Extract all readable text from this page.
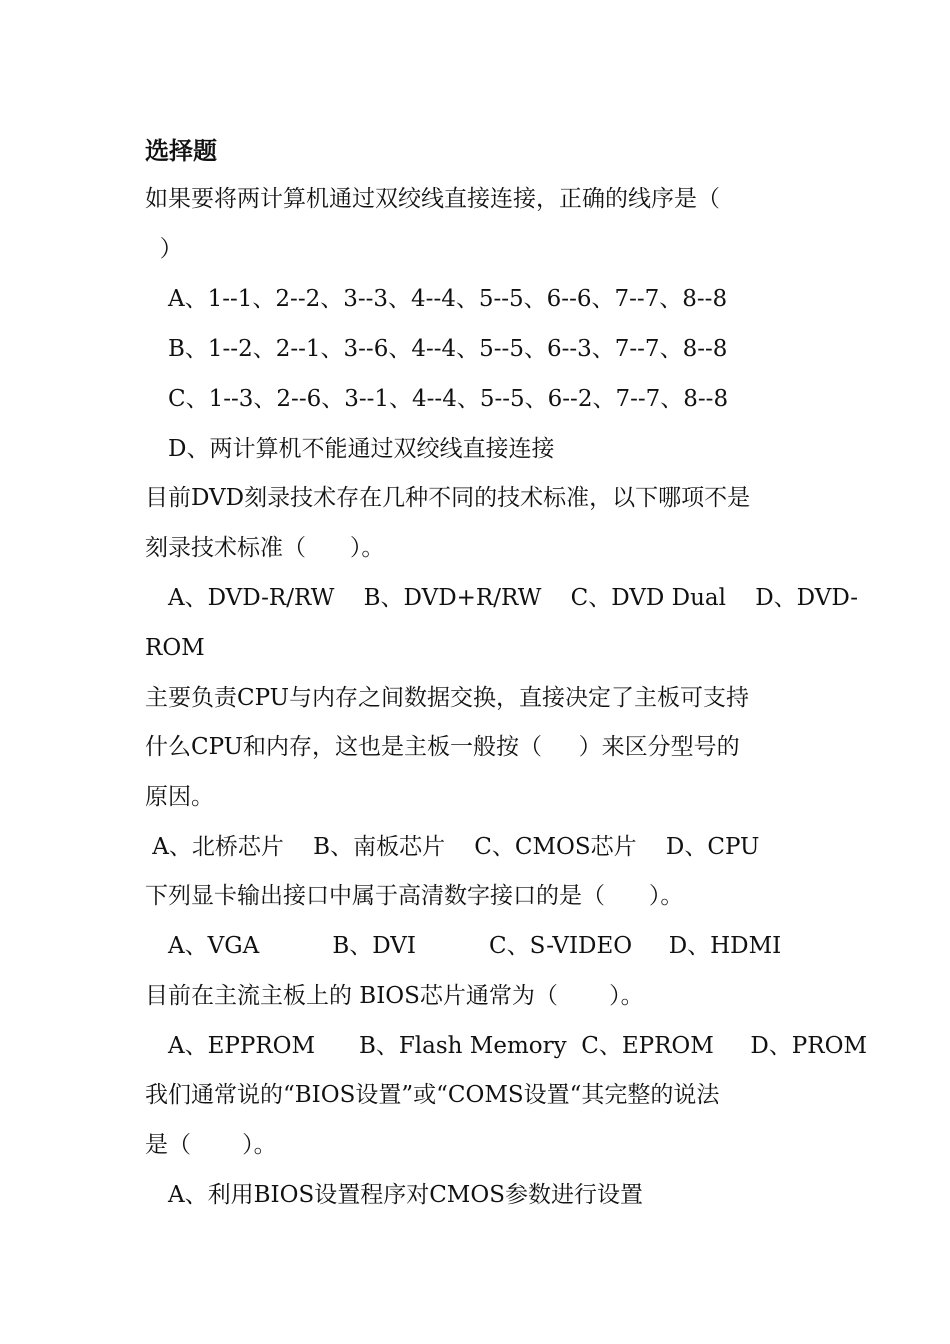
选择题
如果要将两计算机通过双绞线直接连接，正确的线序是（
）
A、1--1、2--2、3--3、4--4、5--5、6--6、7--7、8--8
B、1--2、2--1、3--6、4--4、5--5、6--3、7--7、8--8
C、1--3、2--6、3--1、4--4、5--5、6--2、7--7、8--8
D、两计算机不能通过双绞线直接连接
目前DVD刻录技术存在几种不同的技术标准，以下哪项不是
刻录技术标准（      ）。
A、DVD-R/RW    B、DVD+R/RW    C、DVD Dual    D、DVD-
ROM
主要负责CPU与内存之间数据交换，直接决定了主板可支持
什么CPU和内存，这也是主板一般按（     ）来区分型号的
原因。
A、北桥芯片    B、南板芯片    C、CMOS芯片    D、CPU
下列显卡输出接口中属于高清数字接口的是（      ）。
A、VGA          B、DVI          C、S-VIDEO     D、HDMI
目前在主流主板上的 BIOS芯片通常为（       ）。
A、EPPROM      B、Flash Memory  C、EPROM     D、PROM
我们通常说的“BIOS设置”或“COMS设置“其完整的说法
是（       ）。
A、利用BIOS设置程序对CMOS参数进行设置
